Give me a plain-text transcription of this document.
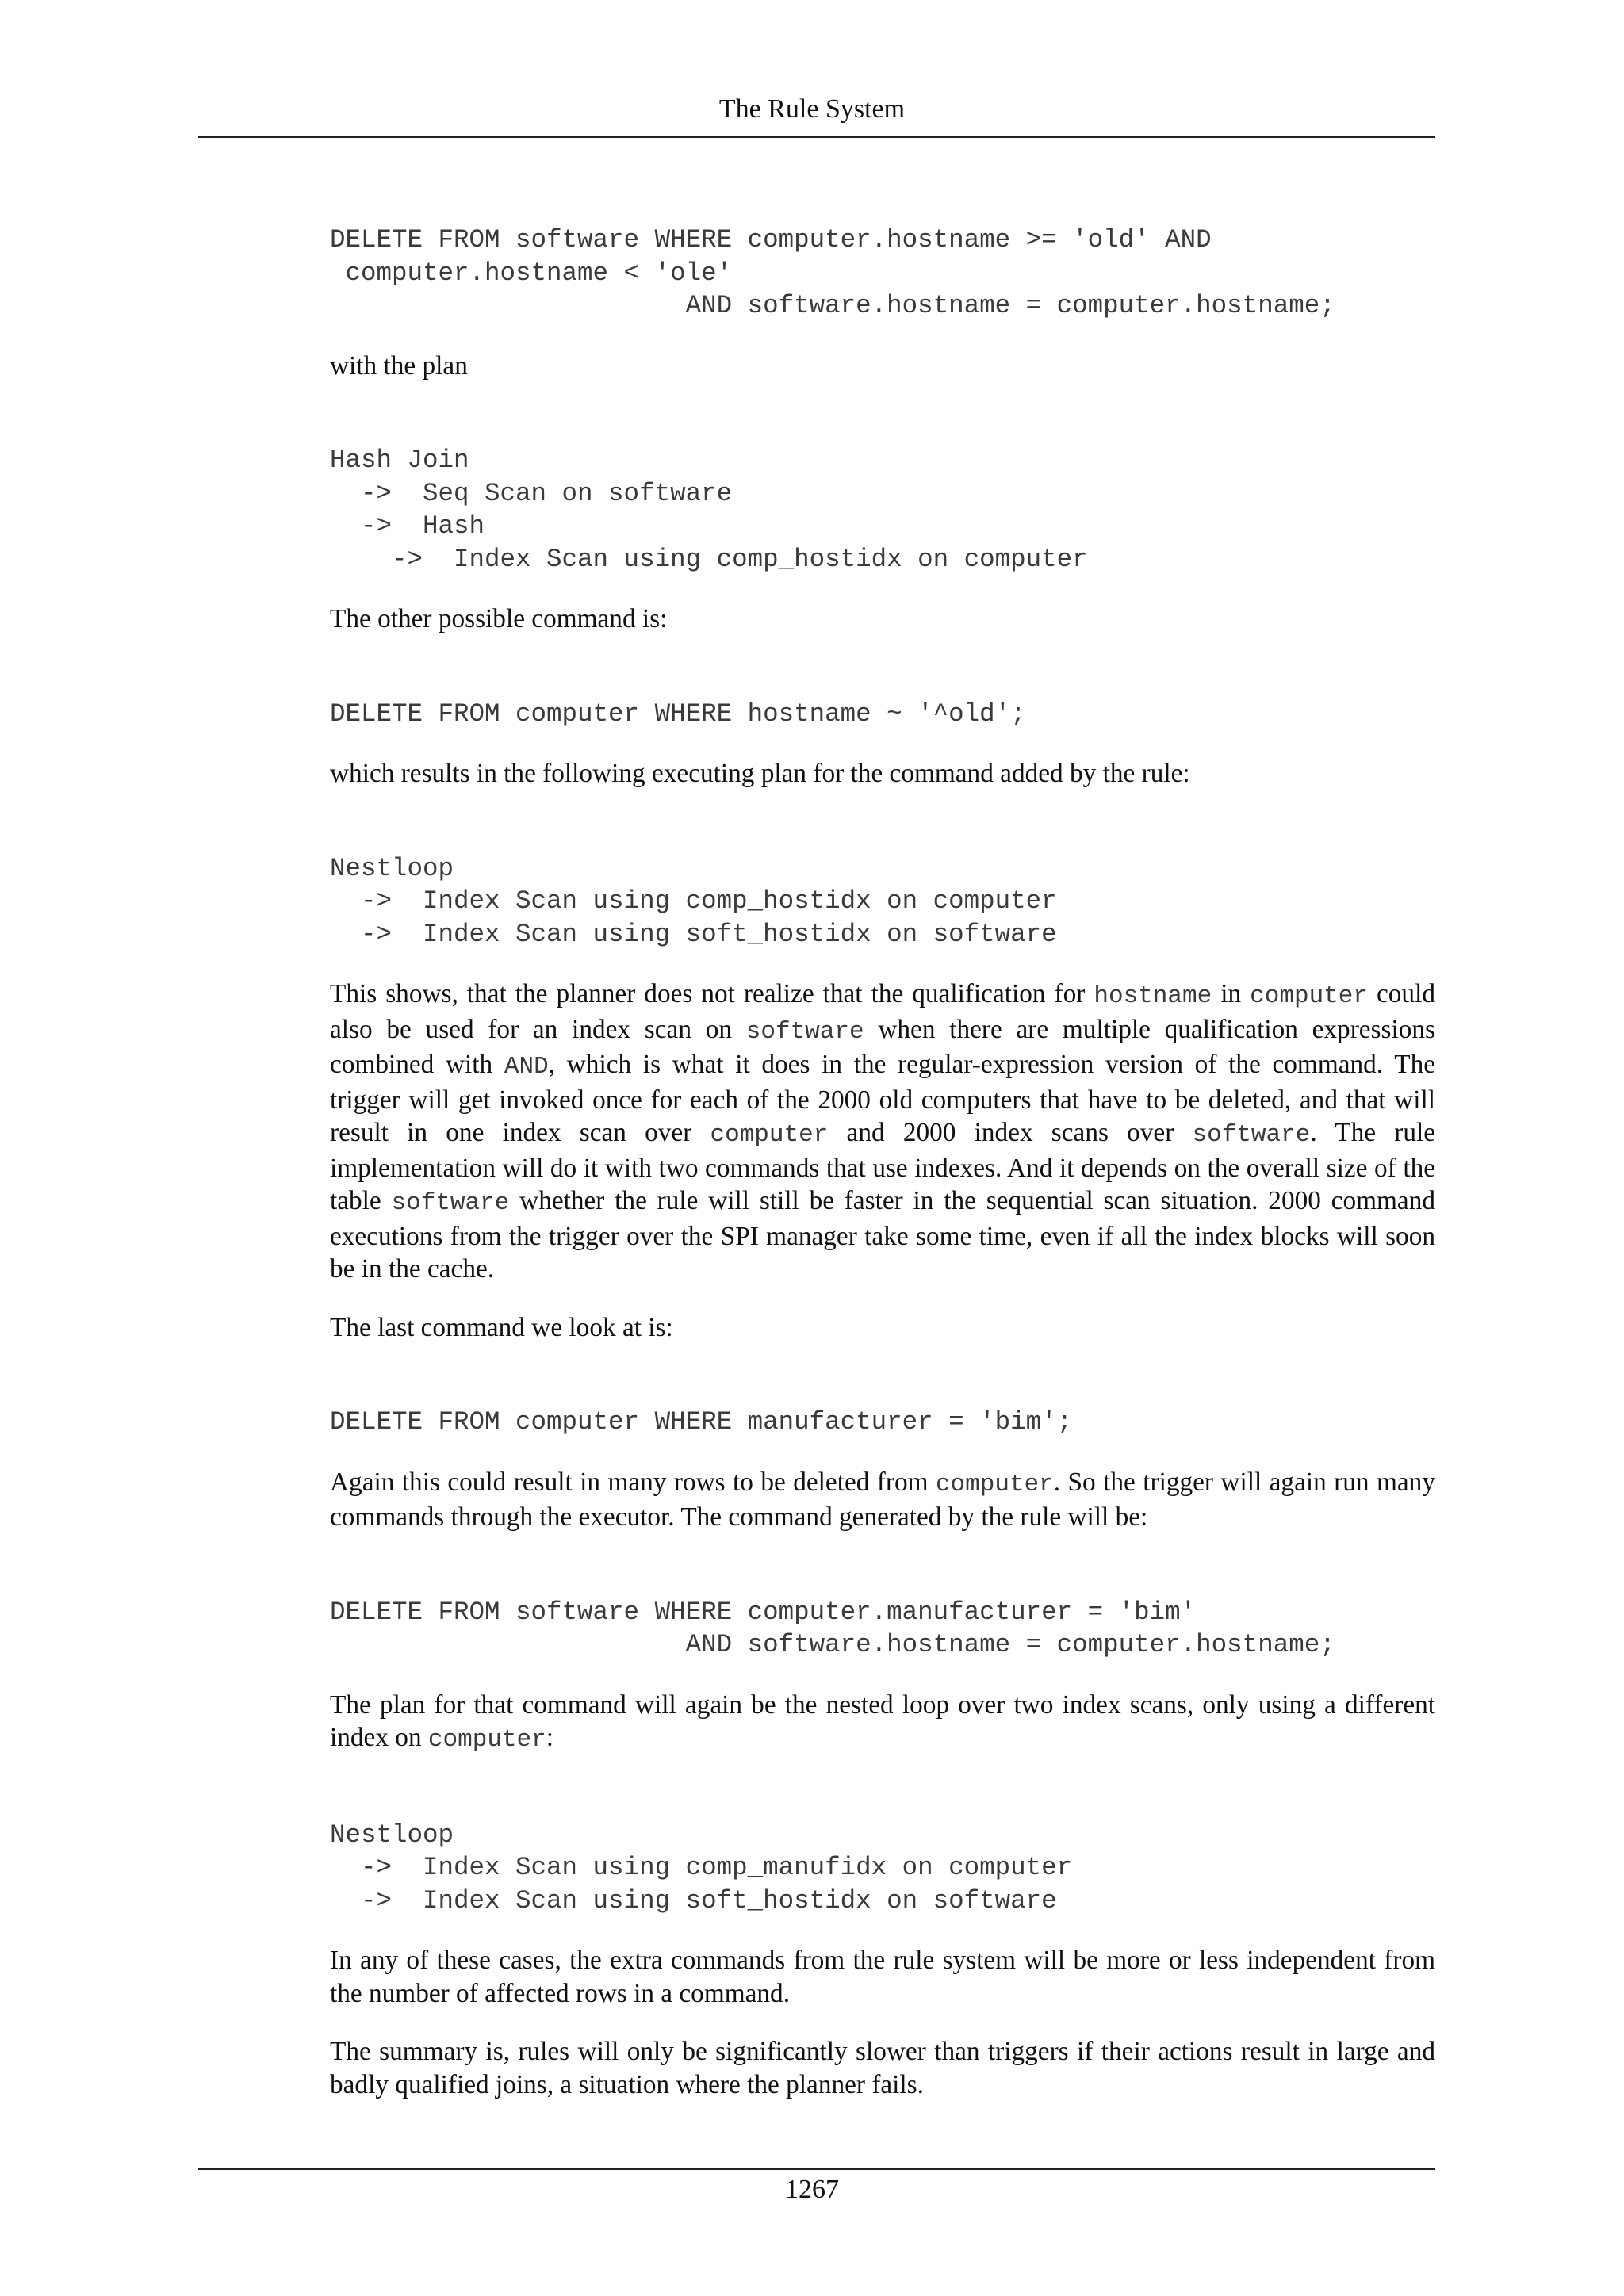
The Rule System
DELETE FROM software WHERE computer.hostname >= 'old' AND
computer.hostname < 'ole'
AND software.hostname = computer.hostname;

with the plan

Hash Join
->  Seq Scan on software
->  Hash
->  Index Scan using comp_hostidx on computer

The other possible command is:

DELETE FROM computer WHERE hostname ~ '^old';

which results in the following executing plan for the command added by the rule:

Nestloop
->  Index Scan using comp_hostidx on computer
->  Index Scan using soft_hostidx on software

This shows, that the planner does not realize that the qualification for hostname in computer could also be used for an index scan on software when there are multiple qualification expressions combined with AND, which is what it does in the regular-expression version of the command. The trigger will get invoked once for each of the 2000 old computers that have to be deleted, and that will result in one index scan over computer and 2000 index scans over software. The rule implementation will do it with two commands that use indexes. And it depends on the overall size of the table software whether the rule will still be faster in the sequential scan situation. 2000 command executions from the trigger over the SPI manager take some time, even if all the index blocks will soon be in the cache.

The last command we look at is:

DELETE FROM computer WHERE manufacturer = 'bim';

Again this could result in many rows to be deleted from computer. So the trigger will again run many commands through the executor. The command generated by the rule will be:

DELETE FROM software WHERE computer.manufacturer = 'bim'
AND software.hostname = computer.hostname;

The plan for that command will again be the nested loop over two index scans, only using a different index on computer:

Nestloop
->  Index Scan using comp_manufidx on computer
->  Index Scan using soft_hostidx on software

In any of these cases, the extra commands from the rule system will be more or less independent from the number of affected rows in a command.

The summary is, rules will only be significantly slower than triggers if their actions result in large and badly qualified joins, a situation where the planner fails.

1267
